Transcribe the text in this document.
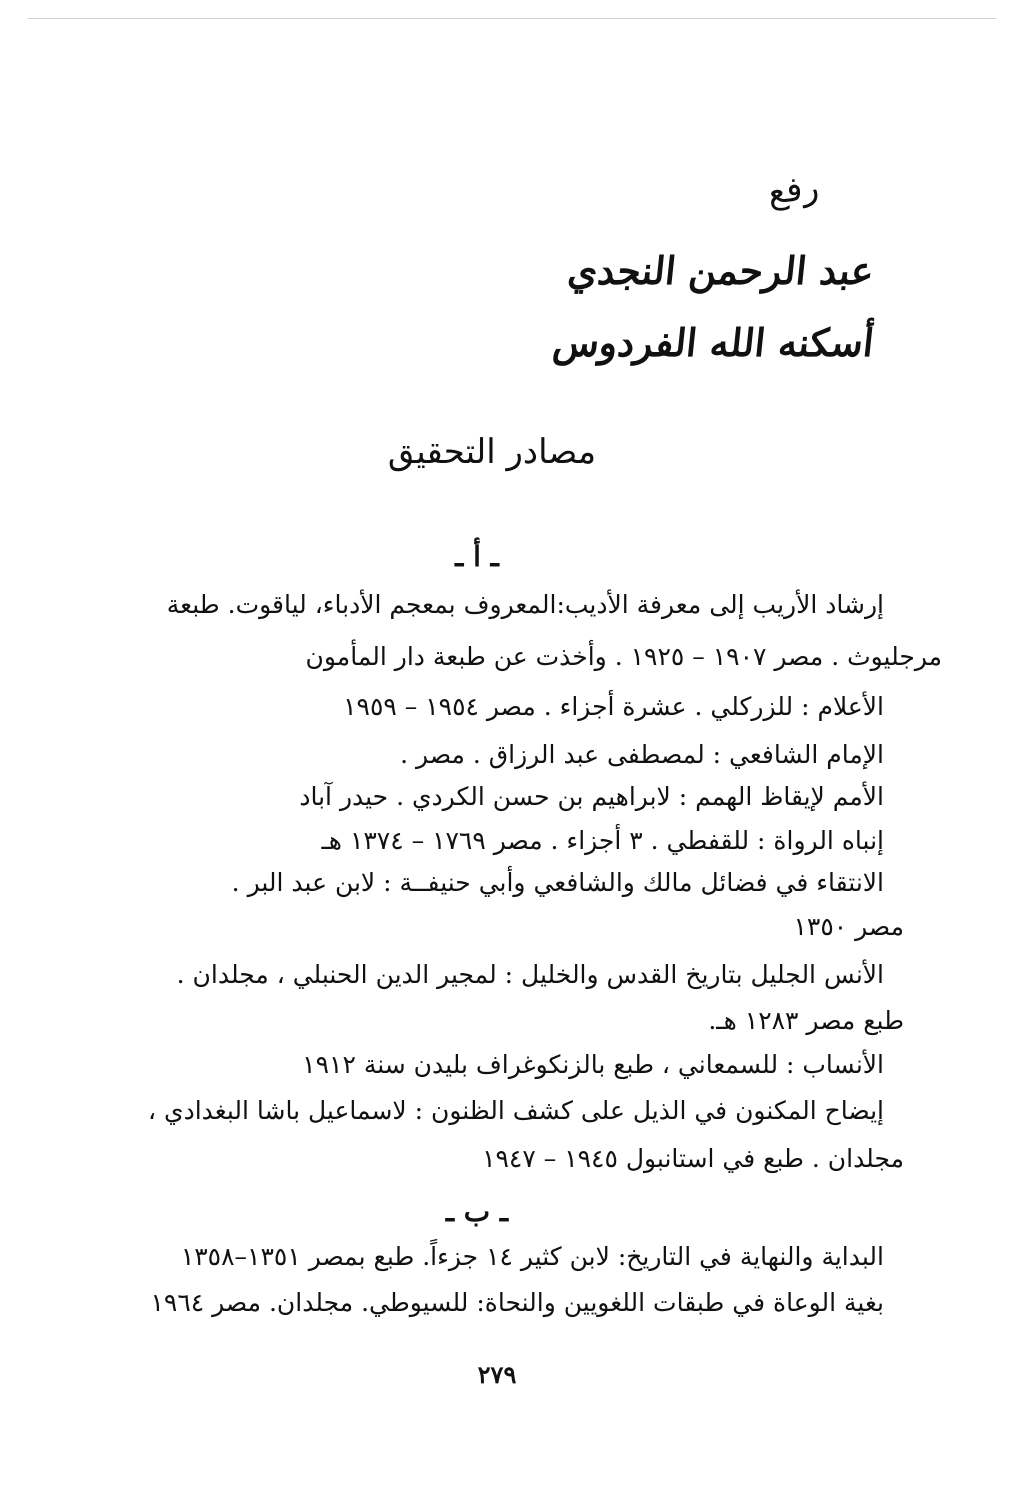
رفع
عبد الرحمن النجدي
أسكنه الله الفردوس
مصادر التحقيق
ـ أ ـ
إرشاد الأريب إلى معرفة الأديب:المعروف بمعجم الأدباء، لياقوت. طبعة
مرجليوث . مصر ١٩٠٧ – ١٩٢٥ . وأخذت عن طبعة دار المأمون
الأعلام : للزركلي . عشرة أجزاء . مصر ١٩٥٤ – ١٩٥٩
الإمام الشافعي : لمصطفى عبد الرزاق . مصر .
الأمم لإيقاظ الهمم : لابراهيم بن حسن الكردي . حيدر آباد
إنباه الرواة : للقفطي . ٣ أجزاء . مصر ١٧٦٩ – ١٣٧٤ هـ
الانتقاء في فضائل مالك والشافعي وأبي حنيفــة : لابن عبد البر .
مصر ١٣٥٠
الأنس الجليل بتاريخ القدس والخليل : لمجير الدين الحنبلي ، مجلدان .
طبع مصر ١٢٨٣ هـ.
الأنساب : للسمعاني ، طبع بالزنكوغراف بليدن سنة ١٩١٢
إيضاح المكنون في الذيل على كشف الظنون : لاسماعيل باشا البغدادي ،
مجلدان . طبع في استانبول ١٩٤٥ – ١٩٤٧
ـ ب ـ
البداية والنهاية في التاريخ: لابن كثير ١٤ جزءاً. طبع بمصر ١٣٥١–١٣٥٨
بغية الوعاة في طبقات اللغويين والنحاة: للسيوطي. مجلدان. مصر ١٩٦٤
٢٧٩
